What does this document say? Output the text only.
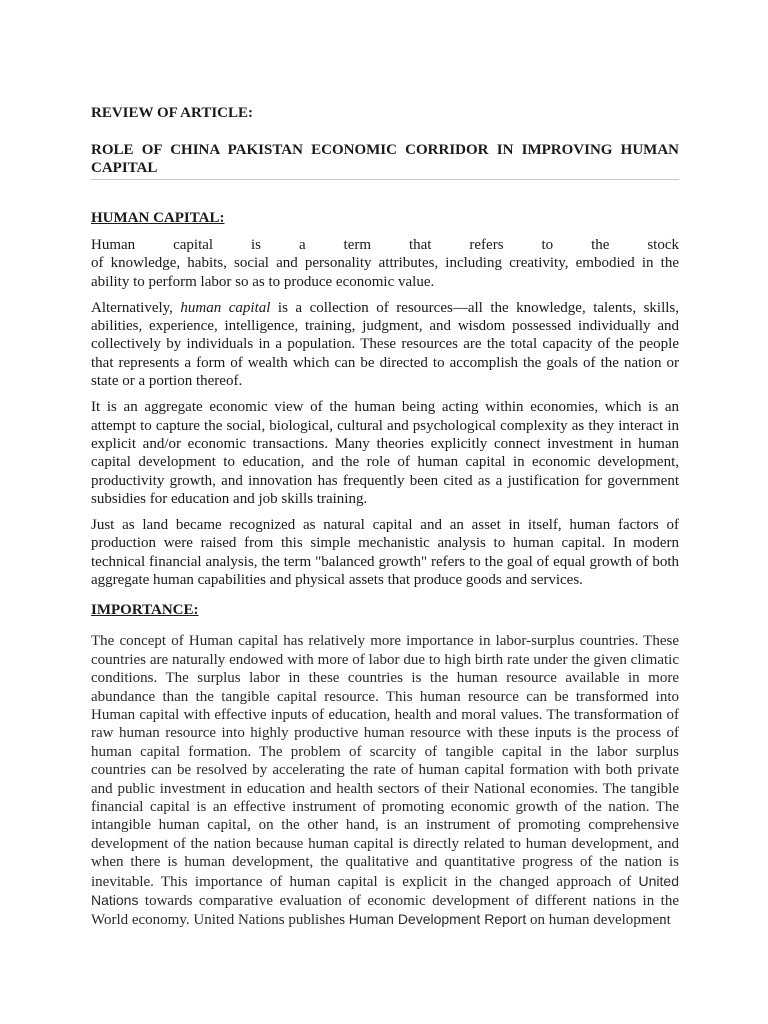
REVIEW OF ARTICLE:
ROLE OF CHINA PAKISTAN ECONOMIC CORRIDOR IN IMPROVING HUMAN CAPITAL
HUMAN CAPITAL:

Human capital is a term that refers to the stock
of knowledge, habits, social and personality attributes, including creativity, embodied in the ability to perform labor so as to produce economic value.

Alternatively, human capital is a collection of resources—all the knowledge, talents, skills, abilities, experience, intelligence, training, judgment, and wisdom possessed individually and collectively by individuals in a population. These resources are the total capacity of the people that represents a form of wealth which can be directed to accomplish the goals of the nation or state or a portion thereof.

It is an aggregate economic view of the human being acting within economies, which is an attempt to capture the social, biological, cultural and psychological complexity as they interact in explicit and/or economic transactions. Many theories explicitly connect investment in human capital development to education, and the role of human capital in economic development, productivity growth, and innovation has frequently been cited as a justification for government subsidies for education and job skills training.

Just as land became recognized as natural capital and an asset in itself, human factors of production were raised from this simple mechanistic analysis to human capital. In modern technical financial analysis, the term "balanced growth" refers to the goal of equal growth of both aggregate human capabilities and physical assets that produce goods and services.

IMPORTANCE:

The concept of Human capital has relatively more importance in labor-surplus countries. These countries are naturally endowed with more of labor due to high birth rate under the given climatic conditions. The surplus labor in these countries is the human resource available in more abundance than the tangible capital resource. This human resource can be transformed into Human capital with effective inputs of education, health and moral values. The transformation of raw human resource into highly productive human resource with these inputs is the process of human capital formation. The problem of scarcity of tangible capital in the labor surplus countries can be resolved by accelerating the rate of human capital formation with both private and public investment in education and health sectors of their National economies. The tangible financial capital is an effective instrument of promoting economic growth of the nation. The intangible human capital, on the other hand, is an instrument of promoting comprehensive development of the nation because human capital is directly related to human development, and when there is human development, the qualitative and quantitative progress of the nation is inevitable. This importance of human capital is explicit in the changed approach of United Nations towards comparative evaluation of economic development of different nations in the World economy. United Nations publishes Human Development Report on human development
